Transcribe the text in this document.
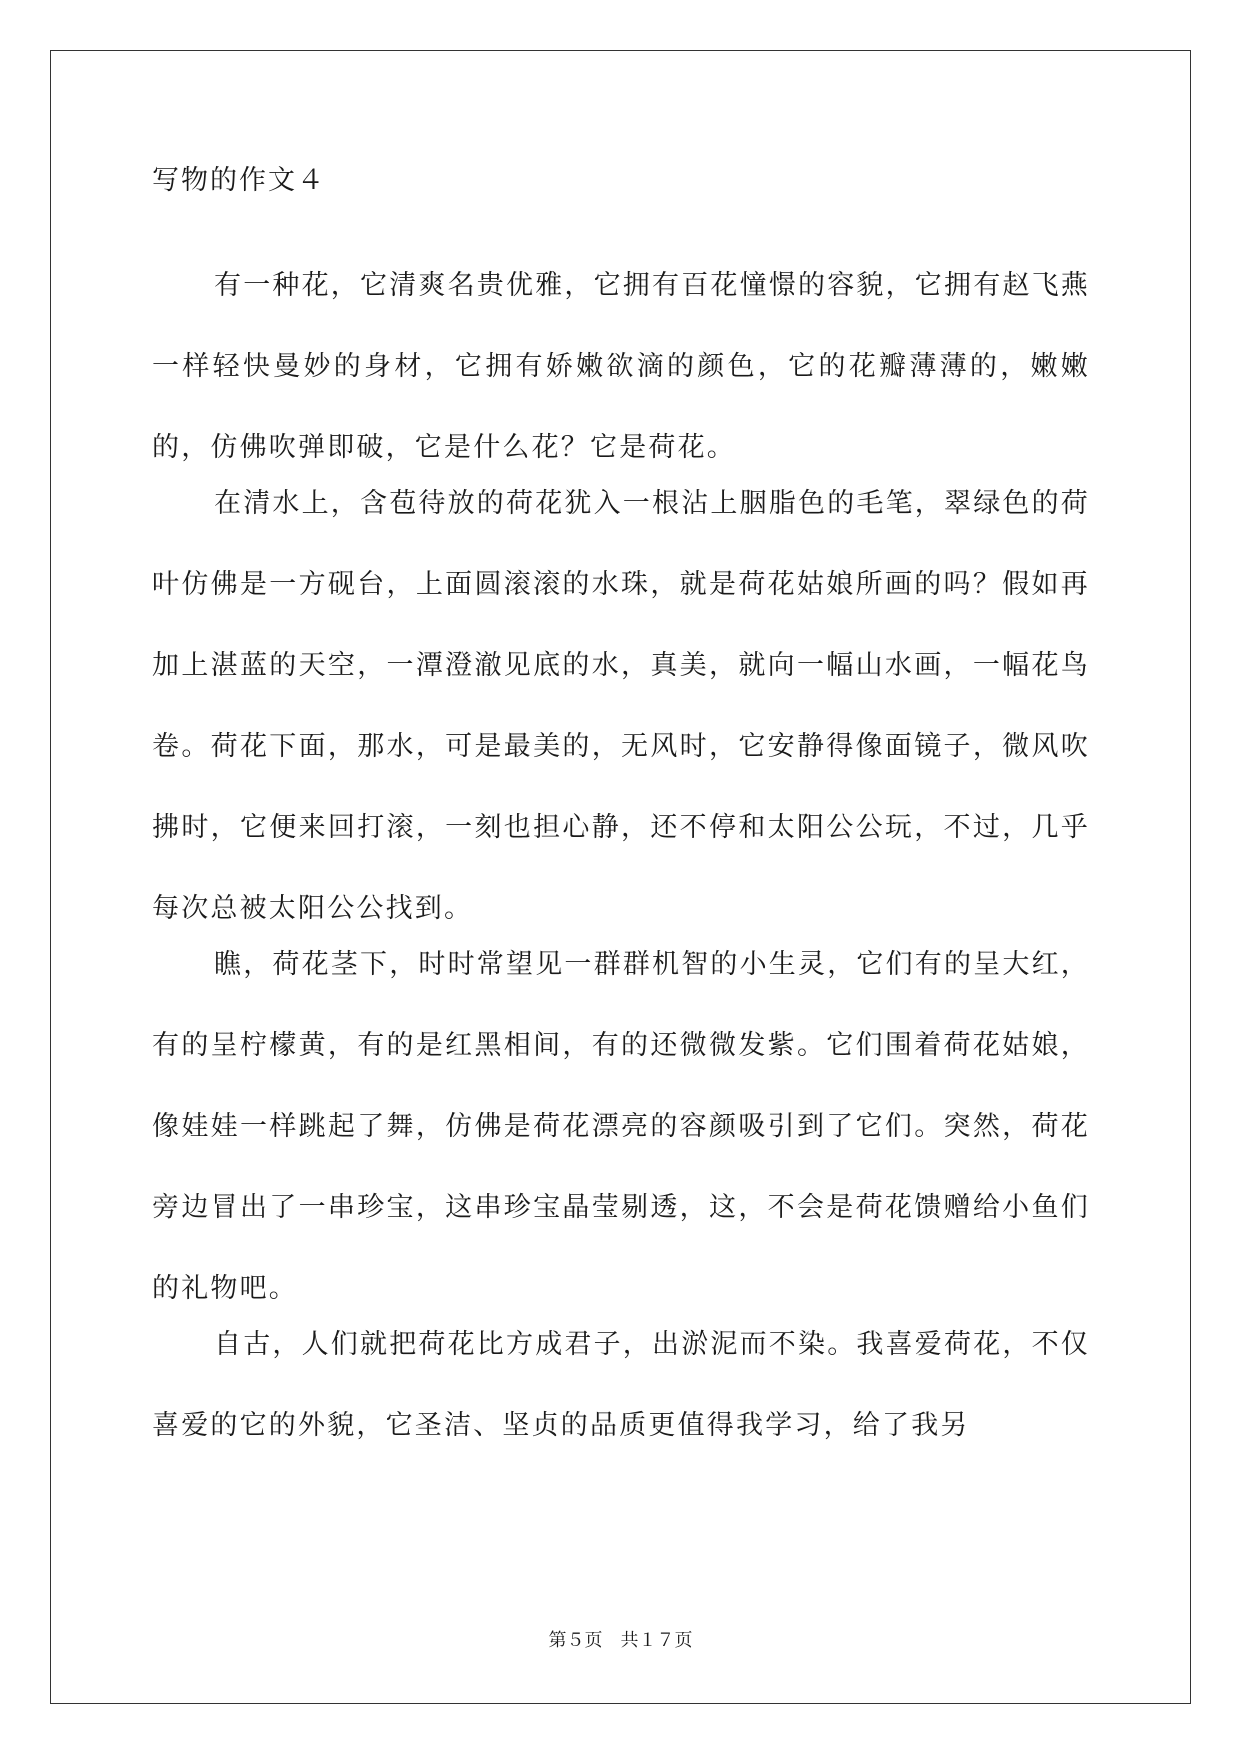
写物的作文４

有一种花，它清爽名贵优雅，它拥有百花憧憬的容貌，它拥有赵飞燕一样轻快曼妙的身材，它拥有娇嫩欲滴的颜色，它的花瓣薄薄的，嫩嫩的，仿佛吹弹即破，它是什么花？它是荷花。

在清水上，含苞待放的荷花犹入一根沾上胭脂色的毛笔，翠绿色的荷叶仿佛是一方砚台，上面圆滚滚的水珠，就是荷花姑娘所画的吗？假如再加上湛蓝的天空，一潭澄澈见底的水，真美，就向一幅山水画，一幅花鸟卷。荷花下面，那水，可是最美的，无风时，它安静得像面镜子，微风吹拂时，它便来回打滚，一刻也担心静，还不停和太阳公公玩，不过，几乎每次总被太阳公公找到。

瞧，荷花茎下，时时常望见一群群机智的小生灵，它们有的呈大红，有的呈柠檬黄，有的是红黑相间，有的还微微发紫。它们围着荷花姑娘，像娃娃一样跳起了舞，仿佛是荷花漂亮的容颜吸引到了它们。突然，荷花旁边冒出了一串珍宝，这串珍宝晶莹剔透，这，不会是荷花馈赠给小鱼们的礼物吧。

自古，人们就把荷花比方成君子，出淤泥而不染。我喜爱荷花，不仅喜爱的它的外貌，它圣洁、坚贞的品质更值得我学习，给了我另

第５页 共１７页
